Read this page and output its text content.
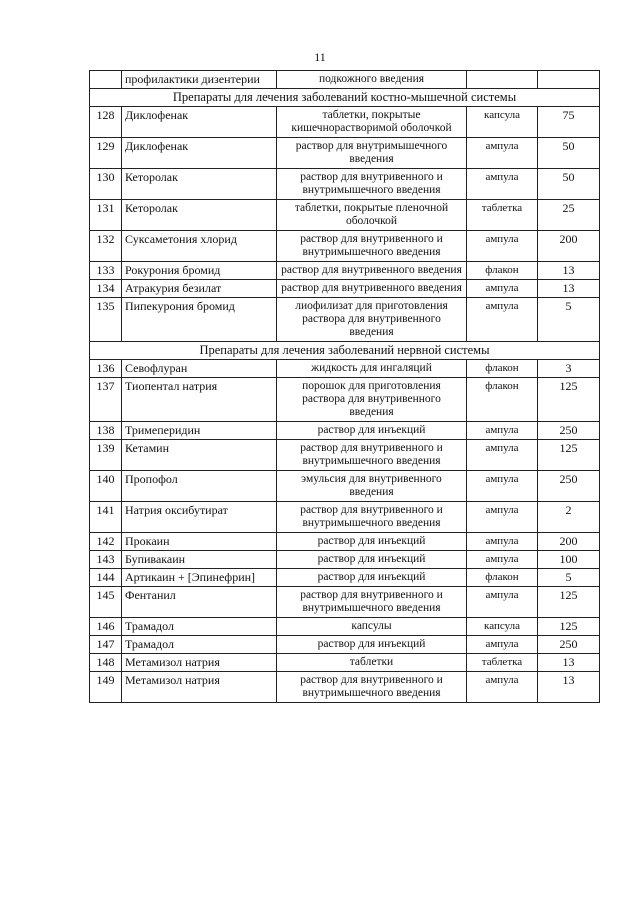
11
	профилактики дизентерии	подкожного введения		
Препараты для лечения заболеваний костно-мышечной системы				
128	Диклофенак	таблетки, покрытые кишечнорастворимой оболочкой	капсула	75
129	Диклофенак	раствор для внутримышечного введения	ампула	50
130	Кеторолак	раствор для внутривенного и внутримышечного введения	ампула	50
131	Кеторолак	таблетки, покрытые пленочной оболочкой	таблетка	25
132	Суксаметония хлорид	раствор для внутривенного и внутримышечного введения	ампула	200
133	Рокурония бромид	раствор для внутривенного введения	флакон	13
134	Атракурия безилат	раствор для внутривенного введения	ампула	13
135	Пипекурония бромид	лиофилизат для приготовления раствора для внутривенного введения	ампула	5
Препараты для лечения заболеваний нервной системы				
136	Севофлуран	жидкость для ингаляций	флакон	3
137	Тиопентал натрия	порошок для приготовления раствора для внутривенного введения	флакон	125
138	Тримеперидин	раствор для инъекций	ампула	250
139	Кетамин	раствор для внутривенного и внутримышечного введения	ампула	125
140	Пропофол	эмульсия для внутривенного введения	ампула	250
141	Натрия оксибутират	раствор для внутривенного и внутримышечного введения	ампула	2
142	Прокаин	раствор для инъекций	ампула	200
143	Бупивакаин	раствор для инъекций	ампула	100
144	Артикаин + [Эпинефрин]	раствор для инъекций	флакон	5
145	Фентанил	раствор для внутривенного и внутримышечного введения	ампула	125
146	Трамадол	капсулы	капсула	125
147	Трамадол	раствор для инъекций	ампула	250
148	Метамизол натрия	таблетки	таблетка	13
149	Метамизол натрия	раствор для внутривенного и внутримышечного введения	ампула	13
